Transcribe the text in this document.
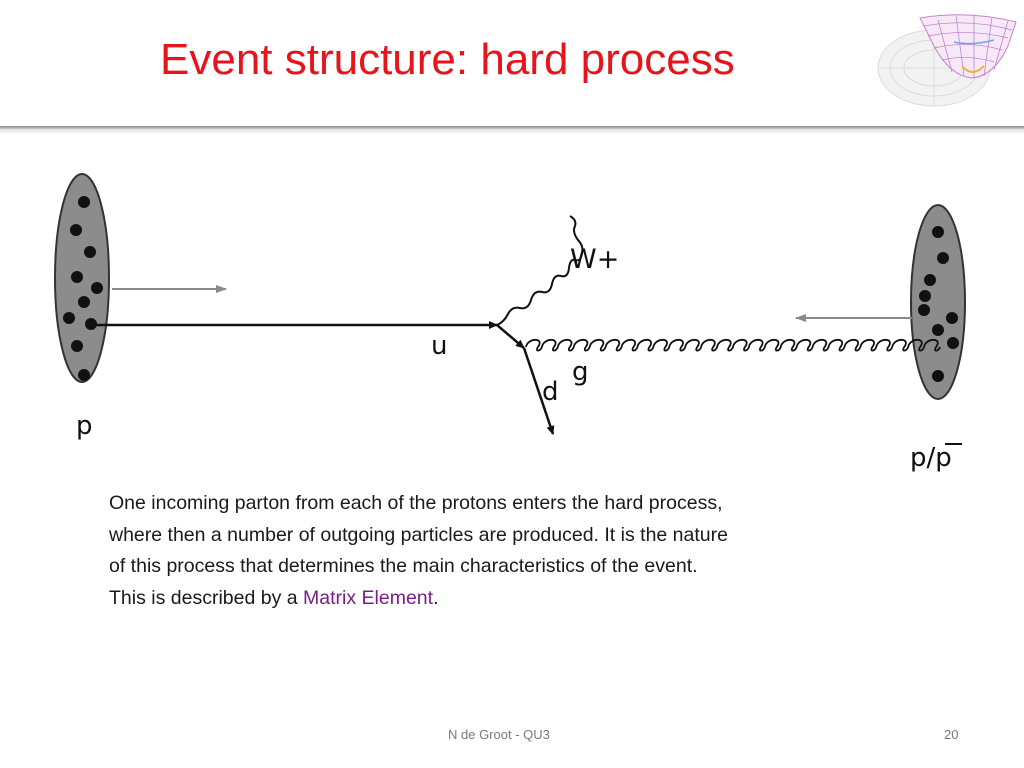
Event structure: hard process
W+
u
g
d
p
p/p
One incoming parton from each of the protons enters the hard process,
where then a number of outgoing particles are produced. It is the nature
of this process that determines the main characteristics of the event.
This is described by a Matrix Element.
N de Groot - QU3	20
